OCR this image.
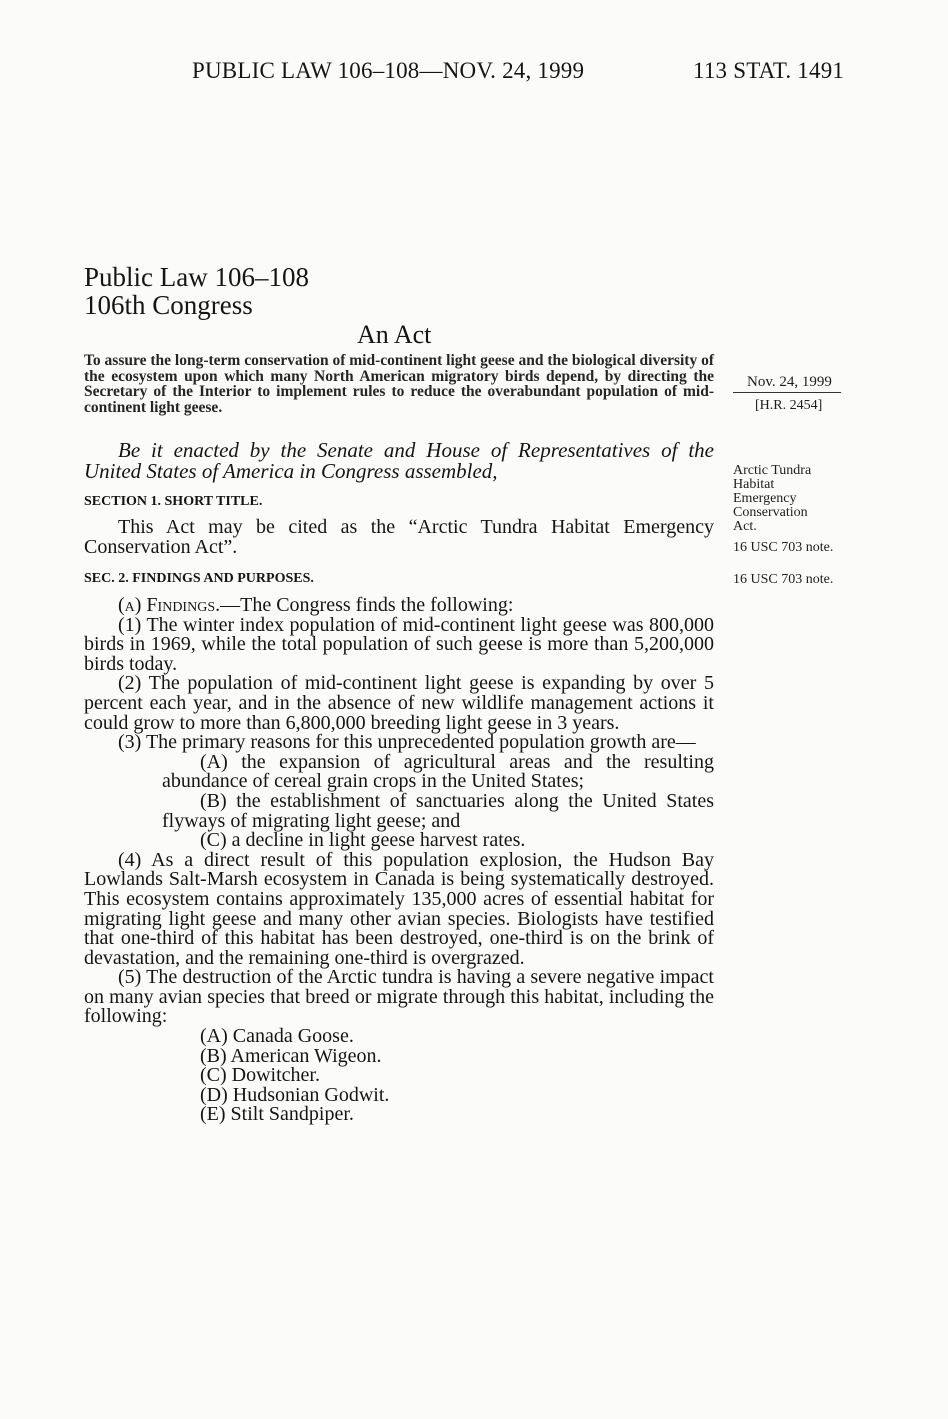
PUBLIC LAW 106–108—NOV. 24, 1999	113 STAT. 1491
Public Law 106–108
106th Congress
An Act
To assure the long-term conservation of mid-continent light geese and the biological diversity of the ecosystem upon which many North American migratory birds depend, by directing the Secretary of the Interior to implement rules to reduce the overabundant population of mid-continent light geese.
Nov. 24, 1999
[H.R. 2454]
Arctic Tundra
Habitat
Emergency
Conservation
Act.
16 USC 703 note.
16 USC 703 note.
Be it enacted by the Senate and House of Representatives of the United States of America in Congress assembled,
SECTION 1. SHORT TITLE.

This Act may be cited as the “Arctic Tundra Habitat Emergency Conservation Act”.

SEC. 2. FINDINGS AND PURPOSES.

(a) Findings.—The Congress finds the following:

(1) The winter index population of mid-continent light geese was 800,000 birds in 1969, while the total population of such geese is more than 5,200,000 birds today.

(2) The population of mid-continent light geese is expanding by over 5 percent each year, and in the absence of new wildlife management actions it could grow to more than 6,800,000 breeding light geese in 3 years.

(3) The primary reasons for this unprecedented population growth are—

(A) the expansion of agricultural areas and the resulting abundance of cereal grain crops in the United States;

(B) the establishment of sanctuaries along the United States flyways of migrating light geese; and

(C) a decline in light geese harvest rates.

(4) As a direct result of this population explosion, the Hudson Bay Lowlands Salt-Marsh ecosystem in Canada is being systematically destroyed. This ecosystem contains approximately 135,000 acres of essential habitat for migrating light geese and many other avian species. Biologists have testified that one-third of this habitat has been destroyed, one-third is on the brink of devastation, and the remaining one-third is overgrazed.

(5) The destruction of the Arctic tundra is having a severe negative impact on many avian species that breed or migrate through this habitat, including the following:

(A) Canada Goose.

(B) American Wigeon.

(C) Dowitcher.

(D) Hudsonian Godwit.

(E) Stilt Sandpiper.
